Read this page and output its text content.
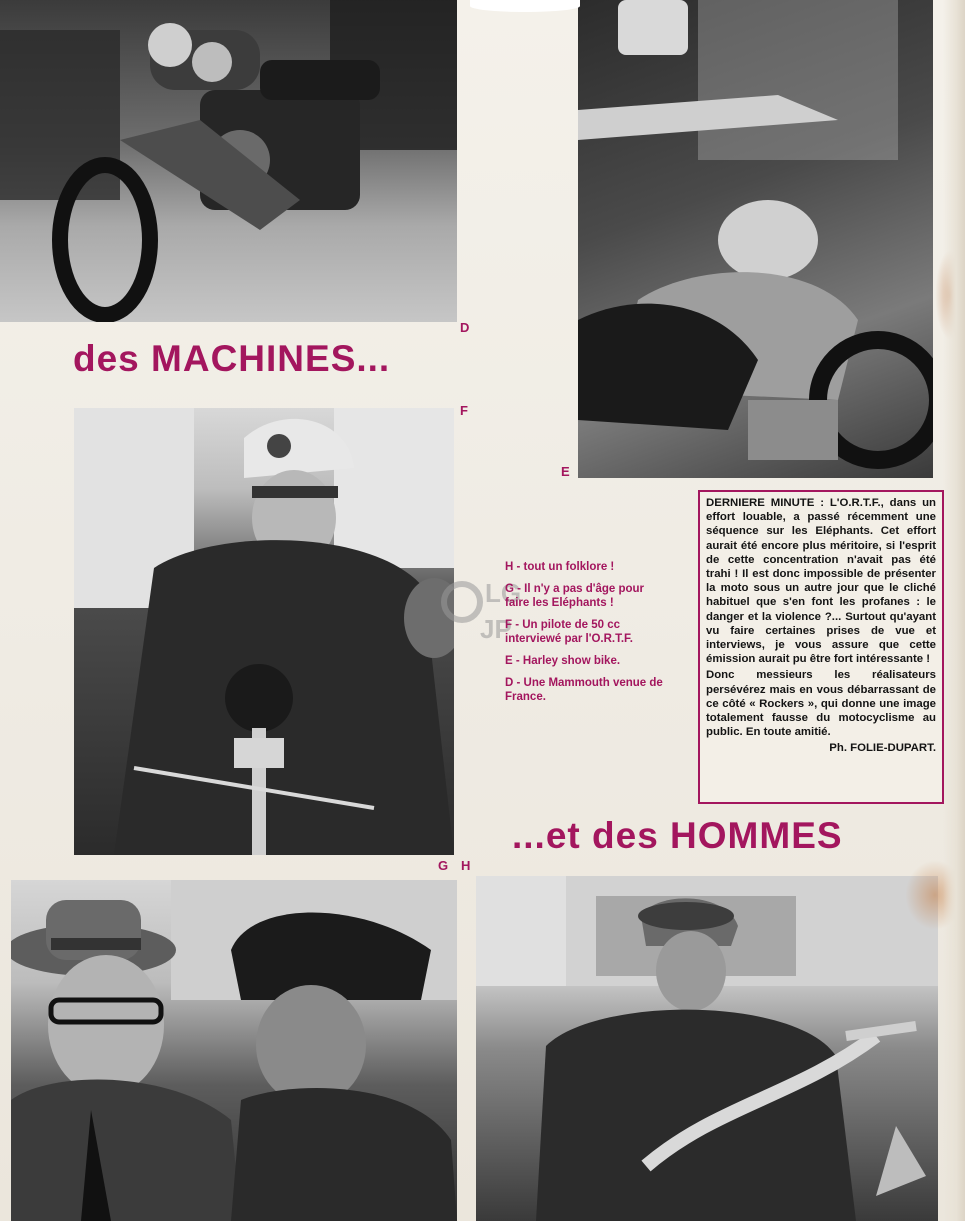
des MACHINES...
...et des HOMMES
D
F
E
G H
LG
JP
H - tout un folklore !
G - Il n'y a pas d'âge pour faire les Eléphants !
F - Un pilote de 50 cc interviewé par l'O.R.T.F.
E - Harley show bike.
D - Une Mammouth venue de France.

DERNIERE MINUTE : L'O.R.T.F., dans un effort louable, a passé récemment une séquence sur les Eléphants. Cet effort aurait été encore plus méritoire, si l'esprit de cette concentration n'avait pas été trahi ! Il est donc impossible de présenter la moto sous un autre jour que le cliché habituel que s'en font les profanes : le danger et la violence ?... Surtout qu'ayant vu faire certaines prises de vue et interviews, je vous assure que cette émission aurait pu être fort intéressante !

Donc messieurs les réalisateurs persévérez mais en vous débarrassant de ce côté « Rockers », qui donne une image totalement fausse du motocyclisme au public. En toute amitié.

Ph. FOLIE-DUPART.
